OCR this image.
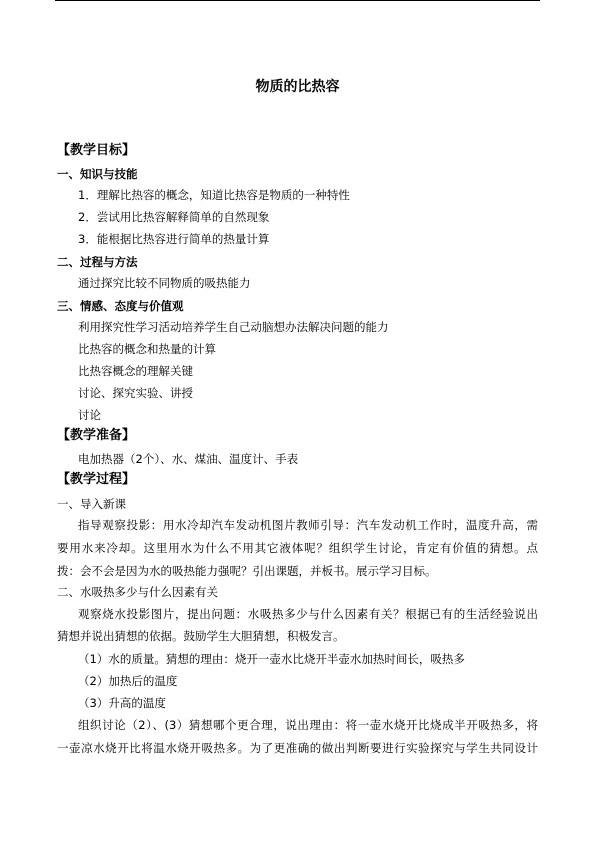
物质的比热容
【教学目标】
一、知识与技能
1．理解比热容的概念，知道比热容是物质的一种特性
2．尝试用比热容解释简单的自然现象
3．能根据比热容进行简单的热量计算
二、过程与方法
通过探究比较不同物质的吸热能力
三、情感、态度与价值观
利用探究性学习活动培养学生自己动脑想办法解决问题的能力
比热容的概念和热量的计算
比热容概念的理解关键
讨论、探究实验、讲授
讨论
【教学准备】
电加热器（2个）、水、煤油、温度计、手表
【教学过程】
一、导入新课
指导观察投影：用水冷却汽车发动机图片教师引导：汽车发动机工作时，温度升高，需
要用水来冷却。这里用水为什么不用其它液体呢？组织学生讨论，肯定有价值的猜想。点
拨：会不会是因为水的吸热能力强呢？引出课题，并板书。展示学习目标。
二、水吸热多少与什么因素有关
观察烧水投影图片，提出问题：水吸热多少与什么因素有关？根据已有的生活经验说出
猜想并说出猜想的依据。鼓励学生大胆猜想，积极发言。
（1）水的质量。猜想的理由：烧开一壶水比烧开半壶水加热时间长，吸热多
（2）加热后的温度
（3）升高的温度
组织讨论（2）、(3）猜想哪个更合理，说出理由：将一壶水烧开比烧成半开吸热多，将
一壶凉水烧开比将温水烧开吸热多。为了更准确的做出判断要进行实验探究与学生共同设计
